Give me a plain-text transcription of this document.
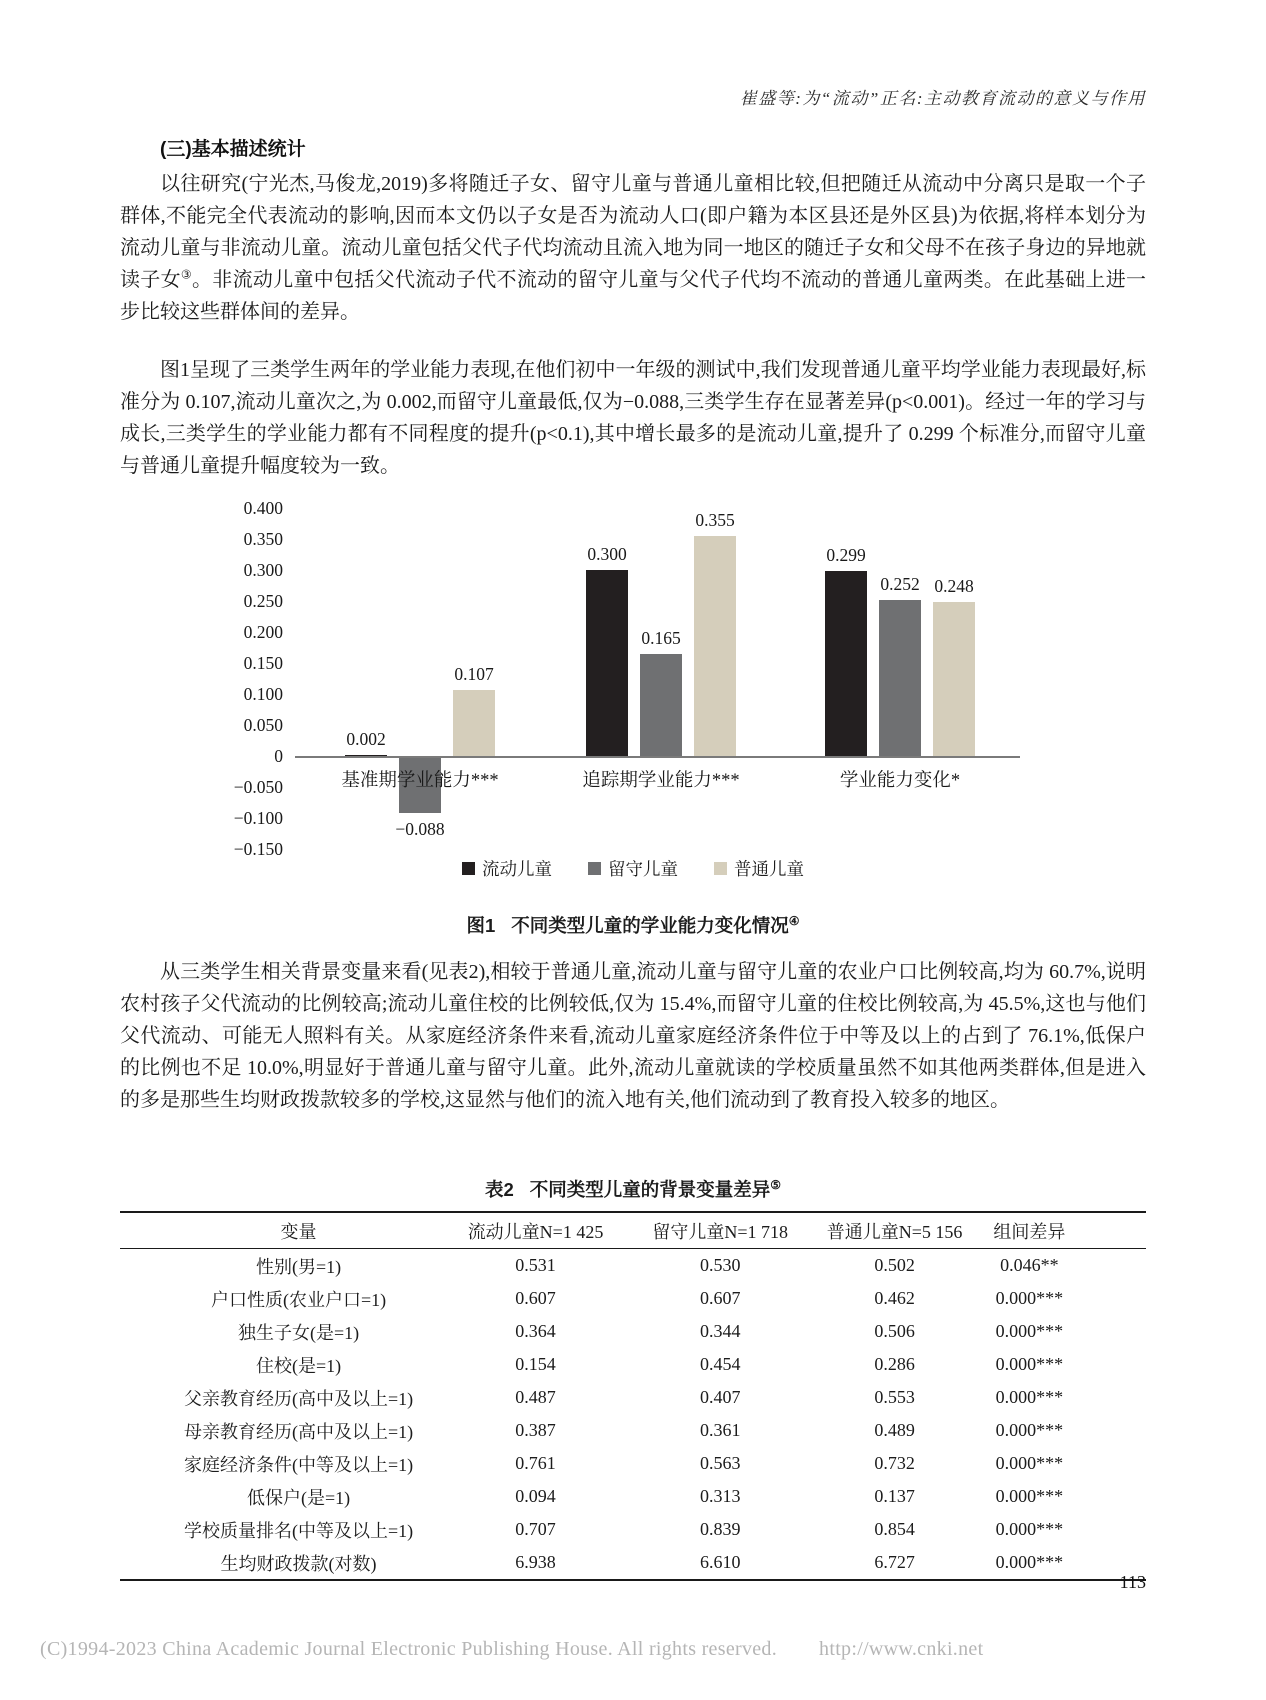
崔盛等:为“流动”正名:主动教育流动的意义与作用
(三)基本描述统计

以往研究(宁光杰,马俊龙,2019)多将随迁子女、留守儿童与普通儿童相比较,但把随迁从流动中分离只是取一个子群体,不能完全代表流动的影响,因而本文仍以子女是否为流动人口(即户籍为本区县还是外区县)为依据,将样本划分为流动儿童与非流动儿童。流动儿童包括父代子代均流动且流入地为同一地区的随迁子女和父母不在孩子身边的异地就读子女③。非流动儿童中包括父代流动子代不流动的留守儿童与父代子代均不流动的普通儿童两类。在此基础上进一步比较这些群体间的差异。

图1呈现了三类学生两年的学业能力表现,在他们初中一年级的测试中,我们发现普通儿童平均学业能力表现最好,标准分为 0.107,流动儿童次之,为 0.002,而留守儿童最低,仅为−0.088,三类学生存在显著差异(p<0.001)。经过一年的学习与成长,三类学生的学业能力都有不同程度的提升(p<0.1),其中增长最多的是流动儿童,提升了 0.299 个标准分,而留守儿童与普通儿童提升幅度较为一致。

流动儿童	留守儿童	普通儿童
图1 不同类型儿童的学业能力变化情况④
0.400
0.350
0.300
0.250
0.200
0.150
0.100
0.050
0
−0.050
−0.100
−0.150
0.002
−0.088
0.107
基准期学业能力***
0.300
0.165
0.355
追踪期学业能力***
0.299
0.252 0.248
学业能力变化*

从三类学生相关背景变量来看(见表2),相较于普通儿童,流动儿童与留守儿童的农业户口比例较高,均为 60.7%,说明农村孩子父代流动的比例较高;流动儿童住校的比例较低,仅为 15.4%,而留守儿童的住校比例较高,为 45.5%,这也与他们父代流动、可能无人照料有关。从家庭经济条件来看,流动儿童家庭经济条件位于中等及以上的占到了 76.1%,低保户的比例也不足 10.0%,明显好于普通儿童与留守儿童。此外,流动儿童就读的学校质量虽然不如其他两类群体,但是进入的多是那些生均财政拨款较多的学校,这显然与他们的流入地有关,他们流动到了教育投入较多的地区。

表2 不同类型儿童的背景变量差异⑤

变量	流动儿童N=1 425	留守儿童N=1 718	普通儿童N=5 156	组间差异
性别(男=1)	0.531	0.530	0.502	0.046**
户口性质(农业户口=1)	0.607	0.607	0.462	0.000***
独生子女(是=1)	0.364	0.344	0.506	0.000***
住校(是=1)	0.154	0.454	0.286	0.000***
父亲教育经历(高中及以上=1)	0.487	0.407	0.553	0.000***
母亲教育经历(高中及以上=1)	0.387	0.361	0.489	0.000***
家庭经济条件(中等及以上=1)	0.761	0.563	0.732	0.000***
低保户(是=1)	0.094	0.313	0.137	0.000***
学校质量排名(中等及以上=1)	0.707	0.839	0.854	0.000***
生均财政拨款(对数)	6.938	6.610	6.727	0.000***
113
(C)1994-2023 China Academic Journal Electronic Publishing House. All rights reserved. http://www.cnki.net
